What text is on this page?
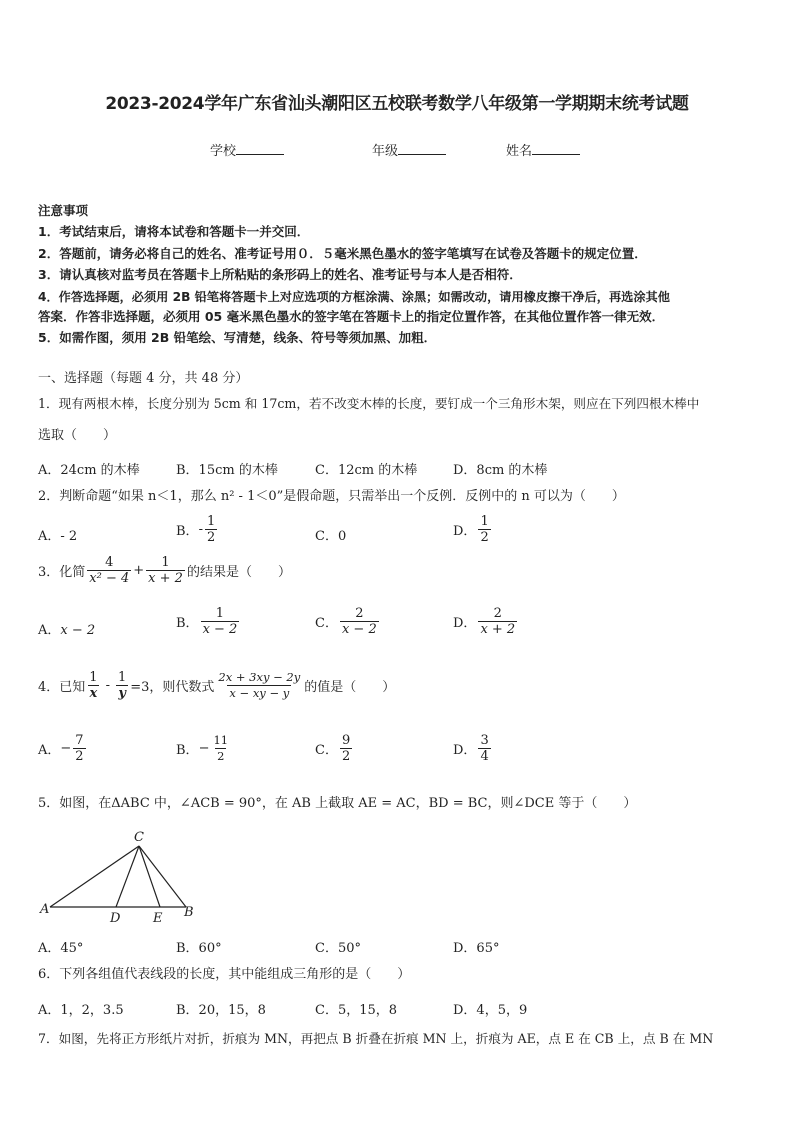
2023-2024学年广东省汕头潮阳区五校联考数学八年级第一学期期末统考试题
学校	年级	姓名
注意事项
1．考试结束后，请将本试卷和答题卡一并交回．
2．答题前，请务必将自己的姓名、准考证号用０．５毫米黑色墨水的签字笔填写在试卷及答题卡的规定位置．
3．请认真核对监考员在答题卡上所粘贴的条形码上的姓名、准考证号与本人是否相符．
4．作答选择题，必须用 2B 铅笔将答题卡上对应选项的方框涂满、涂黑；如需改动，请用橡皮擦干净后，再选涂其他
答案．作答非选择题，必须用 05 毫米黑色墨水的签字笔在答题卡上的指定位置作答，在其他位置作答一律无效．
5．如需作图，须用 2B 铅笔绘、写清楚，线条、符号等须加黑、加粗．
一、选择题（每题 4 分，共 48 分）
1．现有两根木棒，长度分别为 5cm 和 17cm，若不改变木棒的长度，要钉成一个三角形木架，则应在下列四根木棒中
选取（　　）
A．24cm 的木棒	B．15cm 的木棒	C．12cm 的木棒	D．8cm 的木棒
2．判断命题“如果 n＜1，那么 n² - 1＜0”是假命题，只需举出一个反例．反例中的 n 可以为（　　）
A．- 2	B．- $\frac{1}{2}$	C．0	D． $\frac{1}{2}$
3．化简 $\frac{4}{\text{x² − 4}} + \frac{1}{x + 2}$ 的结果是（　　）
A．x − 2	B． $\frac{1}{x - 2}$	C． $\frac{2}{x - 2}$	D． $\frac{2}{x + 2}$
4．已知 $\frac{1}{x} - \frac{1}{y} =3$，则代数式 $\frac{2x + 3xy - 2y}{x - xy - y}$ 的值是（　　）
A．− $\frac{7}{2}$	B．− $\frac{11}{2}$	C． $\frac{9}{2}$	D． $\frac{3}{4}$
5．如图，在ΔABC 中，∠ACB = 90°，在 AB 上截取 AE = AC，BD = BC，则∠DCE 等于（　　）
C
A
D	E B
A．45°	B．60°	C．50°	D．65°
6．下列各组值代表线段的长度，其中能组成三角形的是（　　）
A．1，2，3.5	B．20，15，8	C．5，15，8	D．4，5，9
7．如图，先将正方形纸片对折，折痕为 MN，再把点 B 折叠在折痕 MN 上，折痕为 AE，点 E 在 CB 上，点 B 在 MN
